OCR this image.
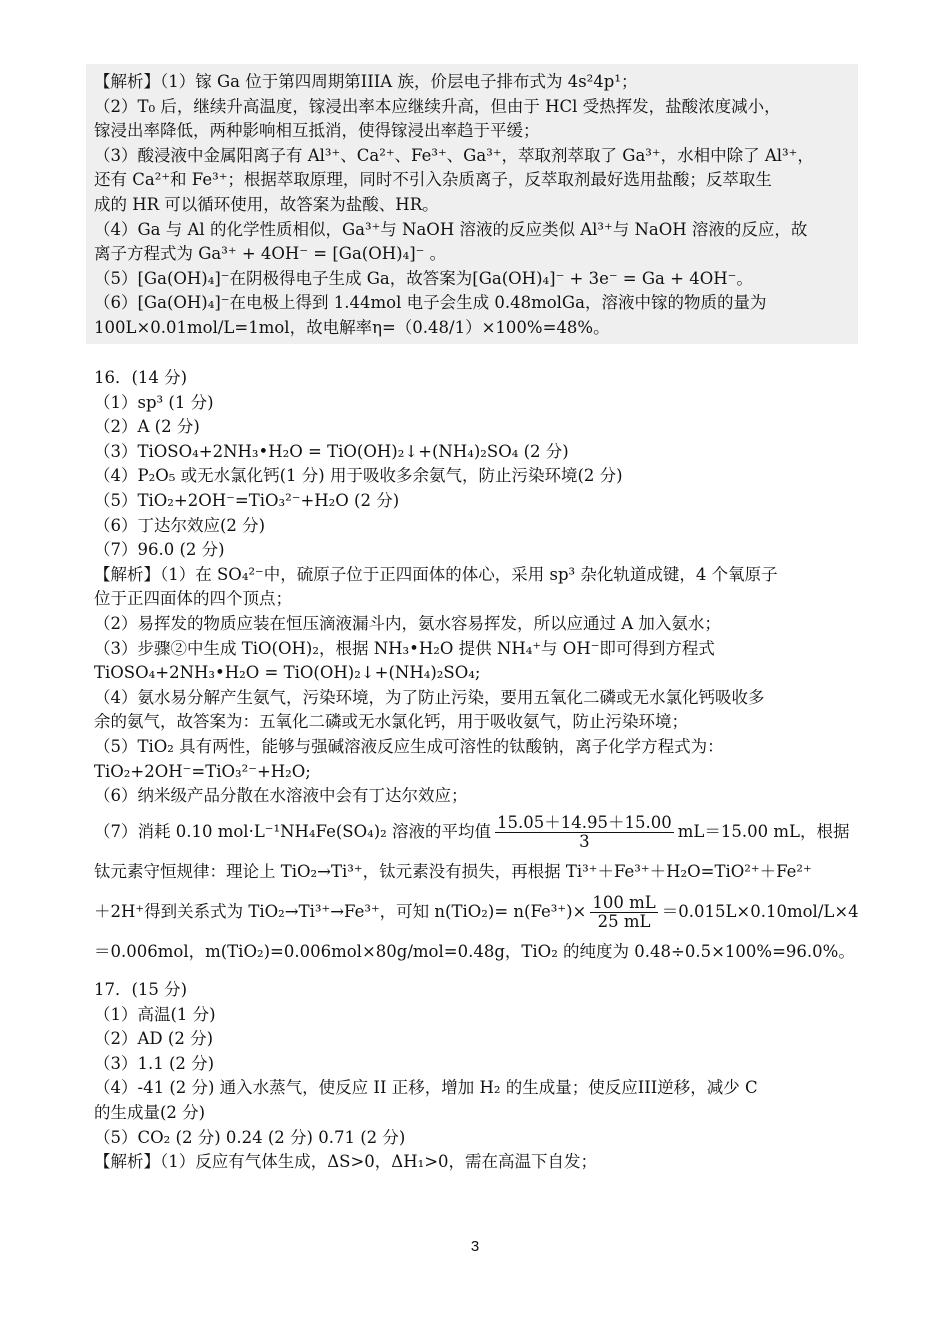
【解析】（1）镓 Ga 位于第四周期第IIIA 族，价层电子排布式为 4s²4p¹；
（2）T₀ 后，继续升高温度，镓浸出率本应继续升高，但由于 HCl 受热挥发，盐酸浓度减小，
镓浸出率降低，两种影响相互抵消，使得镓浸出率趋于平缓；
（3）酸浸液中金属阳离子有 Al³⁺、Ca²⁺、Fe³⁺、Ga³⁺，萃取剂萃取了 Ga³⁺，水相中除了 Al³⁺，
还有 Ca²⁺和 Fe³⁺；根据萃取原理，同时不引入杂质离子，反萃取剂最好选用盐酸；反萃取生
成的 HR 可以循环使用，故答案为盐酸、HR。
（4）Ga 与 Al 的化学性质相似，Ga³⁺与 NaOH 溶液的反应类似 Al³⁺与 NaOH 溶液的反应，故
离子方程式为 Ga³⁺ + 4OH⁻ = [Ga(OH)₄]⁻ 。
（5）[Ga(OH)₄]⁻在阴极得电子生成 Ga，故答案为[Ga(OH)₄]⁻ + 3e⁻ = Ga + 4OH⁻。
（6）[Ga(OH)₄]⁻在电极上得到 1.44mol 电子会生成 0.48molGa，溶液中镓的物质的量为
100L×0.01mol/L=1mol，故电解率η=（0.48/1）×100%=48%。
16．(14 分)
（1）sp³ (1 分)
（2）A (2 分)
（3）TiOSO₄+2NH₃•H₂O = TiO(OH)₂↓+(NH₄)₂SO₄ (2 分)
（4）P₂O₅ 或无水氯化钙(1 分) 用于吸收多余氨气，防止污染环境(2 分)
（5）TiO₂+2OH⁻=TiO₃²⁻+H₂O (2 分)
（6）丁达尔效应(2 分)
（7）96.0 (2 分)
【解析】（1）在 SO₄²⁻中，硫原子位于正四面体的体心，采用 sp³ 杂化轨道成键，4 个氧原子
位于正四面体的四个顶点；
（2）易挥发的物质应装在恒压滴液漏斗内，氨水容易挥发，所以应通过 A 加入氨水；
（3）步骤②中生成 TiO(OH)₂，根据 NH₃•H₂O 提供 NH₄⁺与 OH⁻即可得到方程式
TiOSO₄+2NH₃•H₂O = TiO(OH)₂↓+(NH₄)₂SO₄;
（4）氨水易分解产生氨气，污染环境，为了防止污染，要用五氧化二磷或无水氯化钙吸收多
余的氨气，故答案为：五氧化二磷或无水氯化钙，用于吸收氨气，防止污染环境；
（5）TiO₂ 具有两性，能够与强碱溶液反应生成可溶性的钛酸钠，离子化学方程式为：
TiO₂+2OH⁻=TiO₃²⁻+H₂O;
（6）纳米级产品分散在水溶液中会有丁达尔效应；
（7）消耗 0.10 mol·L⁻¹NH₄Fe(SO₄)₂ 溶液的平均值 $\frac{15.05+14.95+15.00}{3} mL=15.00$ mL，根据
钛元素守恒规律：理论上 TiO₂→Ti³⁺，钛元素没有损失，再根据 Ti³⁺＋Fe³⁺＋H₂O=TiO²⁺＋Fe²⁺
＋2H⁺得到关系式为 TiO₂→Ti³⁺→Fe³⁺，可知 $n(TiO_2)= n(Fe^{3+})\times \frac{100 mL}{25 mL} =0.015L\times 0.10mol/L\times 4$
＝0.006mol，m(TiO₂)=0.006mol×80g/mol=0.48g，TiO₂ 的纯度为 0.48÷0.5×100%=96.0%。
17．(15 分)
（1）高温(1 分)
（2）AD (2 分)
（3）1.1 (2 分)
（4）-41 (2 分) 通入水蒸气，使反应 II 正移，增加 H₂ 的生成量；使反应III逆移，减少 C
的生成量(2 分)
（5）CO₂ (2 分) 0.24 (2 分) 0.71 (2 分)
【解析】（1）反应有气体生成，ΔS>0，ΔH₁>0，需在高温下自发；
3
